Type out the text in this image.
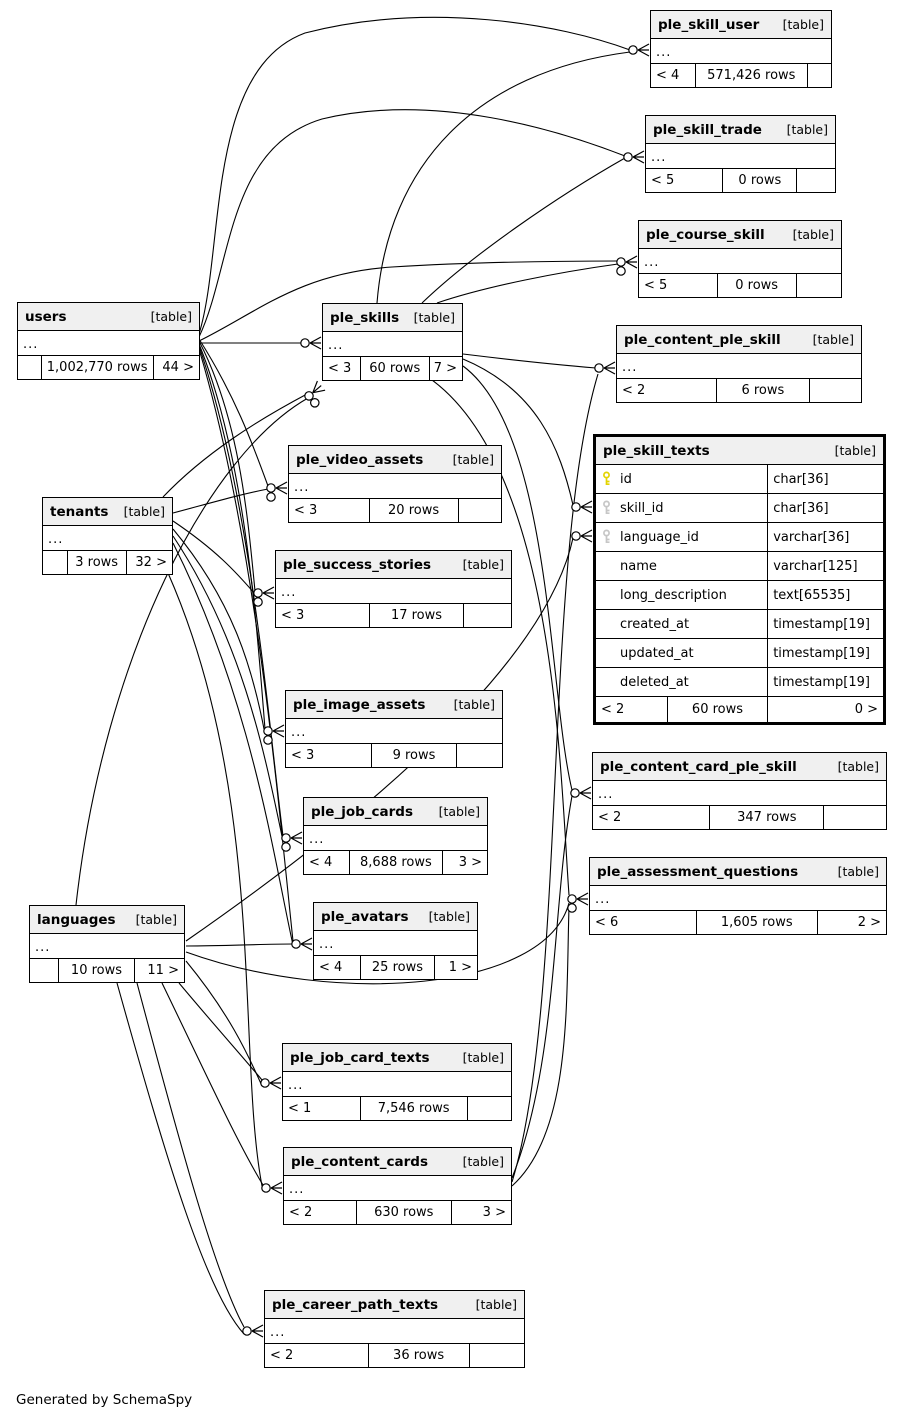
ple_skill_user	[table]
...
< 4	571,426 rows
ple_skill_trade	[table]
...
< 5	0 rows
ple_course_skill	[table]
...
< 5	0 rows
users	[table]
...
1,002,770 rows	44 >
ple_skills	[table]
...
< 3	60 rows	7 >
ple_content_ple_skill	[table]
...
< 2	6 rows
ple_skill_texts	[table]
id	char[36]
skill_id	char[36]
language_id	varchar[36]
name	varchar[125]
long_description	text[65535]
created_at	timestamp[19]
updated_at	timestamp[19]
deleted_at	timestamp[19]
< 2	60 rows	0 >
tenants	[table]
...
3 rows	32 >
ple_video_assets	[table]
...
< 3	20 rows
ple_success_stories	[table]
...
< 3	17 rows
ple_image_assets	[table]
...
< 3	9 rows
ple_job_cards	[table]
...
< 4	8,688 rows	3 >
ple_avatars	[table]
...
< 4	25 rows	1 >
languages	[table]
...
10 rows	11 >
ple_content_card_ple_skill	[table]
...
< 2	347 rows
ple_assessment_questions	[table]
...
< 6	1,605 rows	2 >
ple_job_card_texts	[table]
...
< 1	7,546 rows
ple_content_cards	[table]
...
< 2	630 rows	3 >
ple_career_path_texts	[table]
...
< 2	36 rows
Generated by SchemaSpy
